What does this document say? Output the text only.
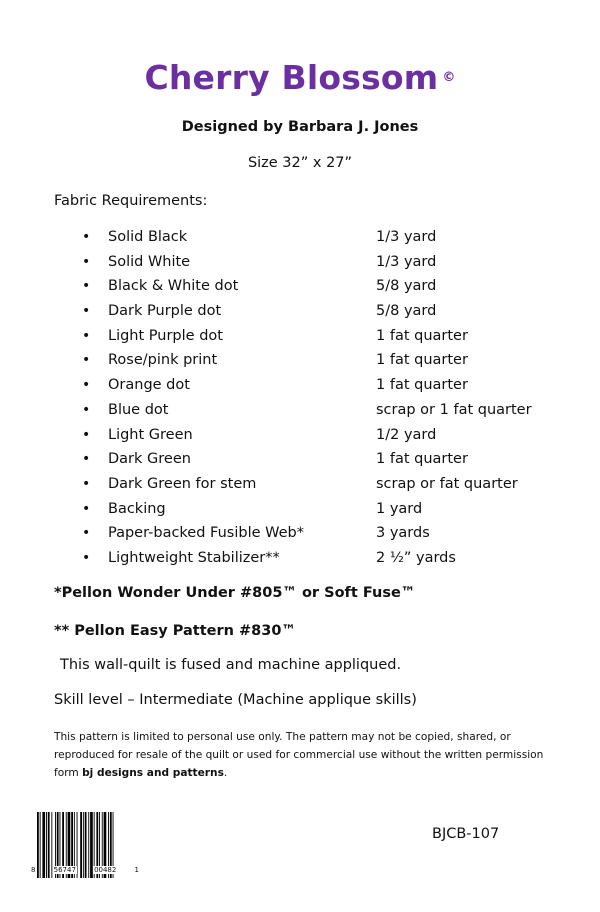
Cherry Blossom ©
Designed by Barbara J. Jones
Size 32” x 27”
Fabric Requirements:
• Solid Black	1/3 yard
• Solid White	1/3 yard
• Black & White dot	5/8 yard
• Dark Purple dot	5/8 yard
• Light Purple dot	1 fat quarter
• Rose/pink print	1 fat quarter
• Orange dot	1 fat quarter
• Blue dot	scrap or 1 fat quarter
• Light Green	1/2 yard
• Dark Green	1 fat quarter
• Dark Green for stem	scrap or fat quarter
• Backing	1 yard
• Paper-backed Fusible Web*	3 yards
• Lightweight Stabilizer**	2 ½” yards
*Pellon Wonder Under #805™ or Soft Fuse™
** Pellon Easy Pattern #830™
This wall-quilt is fused and machine appliqued.
Skill level – Intermediate (Machine applique skills)
This pattern is limited to personal use only. The pattern may not be copied, shared, or reproduced for resale of the quilt or used for commercial use without the written permission form bj designs and patterns.
8	56747	00482	1
BJCB-107
